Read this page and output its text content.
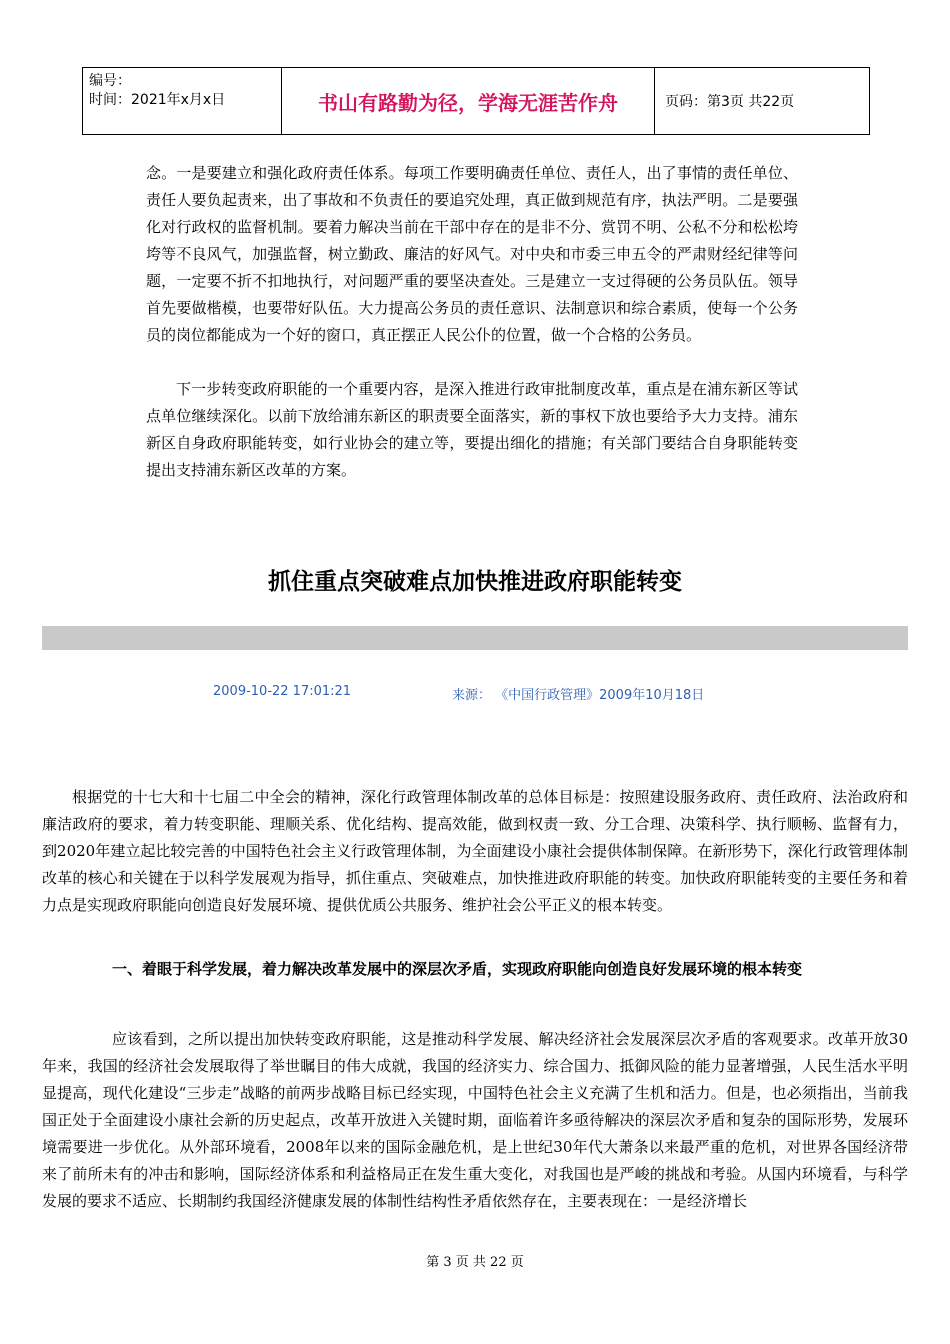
编号：
时间：2021年x月x日	书山有路勤为径，学海无涯苦作舟	页码：第3页 共22页

念。一是要建立和强化政府责任体系。每项工作要明确责任单位、责任人，出了事情的责任单位、责任人要负起责来，出了事故和不负责任的要追究处理，真正做到规范有序，执法严明。二是要强化对行政权的监督机制。要着力解决当前在干部中存在的是非不分、赏罚不明、公私不分和松松垮垮等不良风气，加强监督，树立勤政、廉洁的好风气。对中央和市委三申五令的严肃财经纪律等问题，一定要不折不扣地执行，对问题严重的要坚决查处。三是建立一支过得硬的公务员队伍。领导首先要做楷模，也要带好队伍。大力提高公务员的责任意识、法制意识和综合素质，使每一个公务员的岗位都能成为一个好的窗口，真正摆正人民公仆的位置，做一个合格的公务员。

下一步转变政府职能的一个重要内容，是深入推进行政审批制度改革，重点是在浦东新区等试点单位继续深化。以前下放给浦东新区的职责要全面落实，新的事权下放也要给予大力支持。浦东新区自身政府职能转变，如行业协会的建立等，要提出细化的措施；有关部门要结合自身职能转变提出支持浦东新区改革的方案。

抓住重点突破难点加快推进政府职能转变
2009-10-22 17:01:21	来源： 《中国行政管理》2009年10月18日

根据党的十七大和十七届二中全会的精神，深化行政管理体制改革的总体目标是：按照建设服务政府、责任政府、法治政府和廉洁政府的要求，着力转变职能、理顺关系、优化结构、提高效能，做到权责一致、分工合理、决策科学、执行顺畅、监督有力，到2020年建立起比较完善的中国特色社会主义行政管理体制，为全面建设小康社会提供体制保障。在新形势下，深化行政管理体制改革的核心和关键在于以科学发展观为指导，抓住重点、突破难点，加快推进政府职能的转变。加快政府职能转变的主要任务和着力点是实现政府职能向创造良好发展环境、提供优质公共服务、维护社会公平正义的根本转变。

一、着眼于科学发展，着力解决改革发展中的深层次矛盾，实现政府职能向创造良好发展环境的根本转变

应该看到，之所以提出加快转变政府职能，这是推动科学发展、解决经济社会发展深层次矛盾的客观要求。改革开放30年来，我国的经济社会发展取得了举世瞩目的伟大成就，我国的经济实力、综合国力、抵御风险的能力显著增强，人民生活水平明显提高，现代化建设“三步走”战略的前两步战略目标已经实现，中国特色社会主义充满了生机和活力。但是，也必须指出，当前我国正处于全面建设小康社会新的历史起点，改革开放进入关键时期，面临着许多亟待解决的深层次矛盾和复杂的国际形势，发展环境需要进一步优化。从外部环境看，2008年以来的国际金融危机，是上世纪30年代大萧条以来最严重的危机，对世界各国经济带来了前所未有的冲击和影响，国际经济体系和利益格局正在发生重大变化，对我国也是严峻的挑战和考验。从国内环境看，与科学发展的要求不适应、长期制约我国经济健康发展的体制性结构性矛盾依然存在，主要表现在：一是经济增长

第 3 页 共 22 页
